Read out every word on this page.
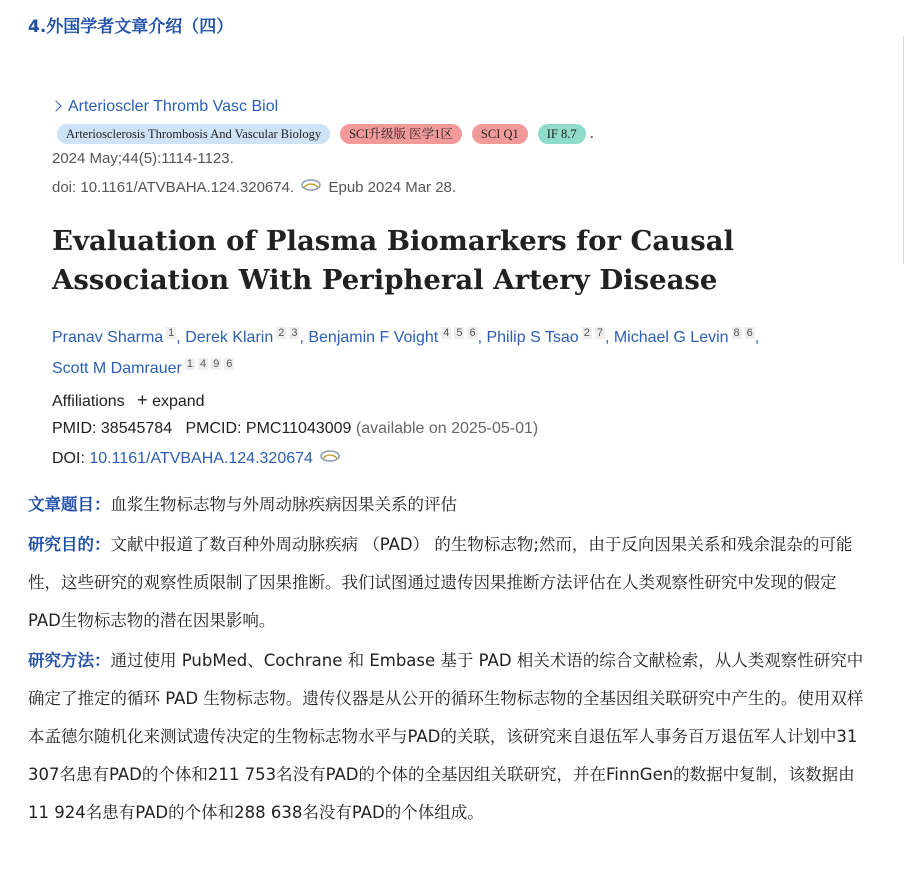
4.外国学者文章介绍（四）
Arterioscler Thromb Vasc Biol
Arteriosclerosis Thrombosis And Vascular Biology	SCI升级版 医学1区	SCI Q1	IF 8.7 .
2024 May;44(5):1114-1123.
doi: 10.1161/ATVBAHA.124.320674. Epub 2024 Mar 28.
Evaluation of Plasma Biomarkers for Causal Association With Peripheral Artery Disease
Pranav Sharma $^1$ , Derek Klarin $^2$ $^3$ , Benjamin F Voight $^4$ $^5$ $^6$ , Philip S Tsao $^2$ $^7$ , Michael G Levin $^8$ $^6$ ,
Scott M Damrauer $^1$ $^4$ $^9$ $^6$
Affiliations + expand
PMID: 38545784 PMCID: PMC11043009 (available on 2025-05-01)
DOI: 10.1161/ATVBAHA.124.320674
文章题目：血浆生物标志物与外周动脉疾病因果关系的评估
研究目的：文献中报道了数百种外周动脉疾病 （PAD） 的生物标志物;然而，由于反向因果关系和残余混杂的可能性，这些研究的观察性质限制了因果推断。我们试图通过遗传因果推断方法评估在人类观察性研究中发现的假定PAD生物标志物的潜在因果影响。
研究方法：通过使用 PubMed、Cochrane 和 Embase 基于 PAD 相关术语的综合文献检索，从人类观察性研究中确定了推定的循环 PAD 生物标志物。遗传仪器是从公开的循环生物标志物的全基因组关联研究中产生的。使用双样本孟德尔随机化来测试遗传决定的生物标志物水平与PAD的关联，该研究来自退伍军人事务百万退伍军人计划中31 307名患有PAD的个体和211 753名没有PAD的个体的全基因组关联研究，并在FinnGen的数据中复制，该数据由11 924名患有PAD的个体和288 638名没有PAD的个体组成。
